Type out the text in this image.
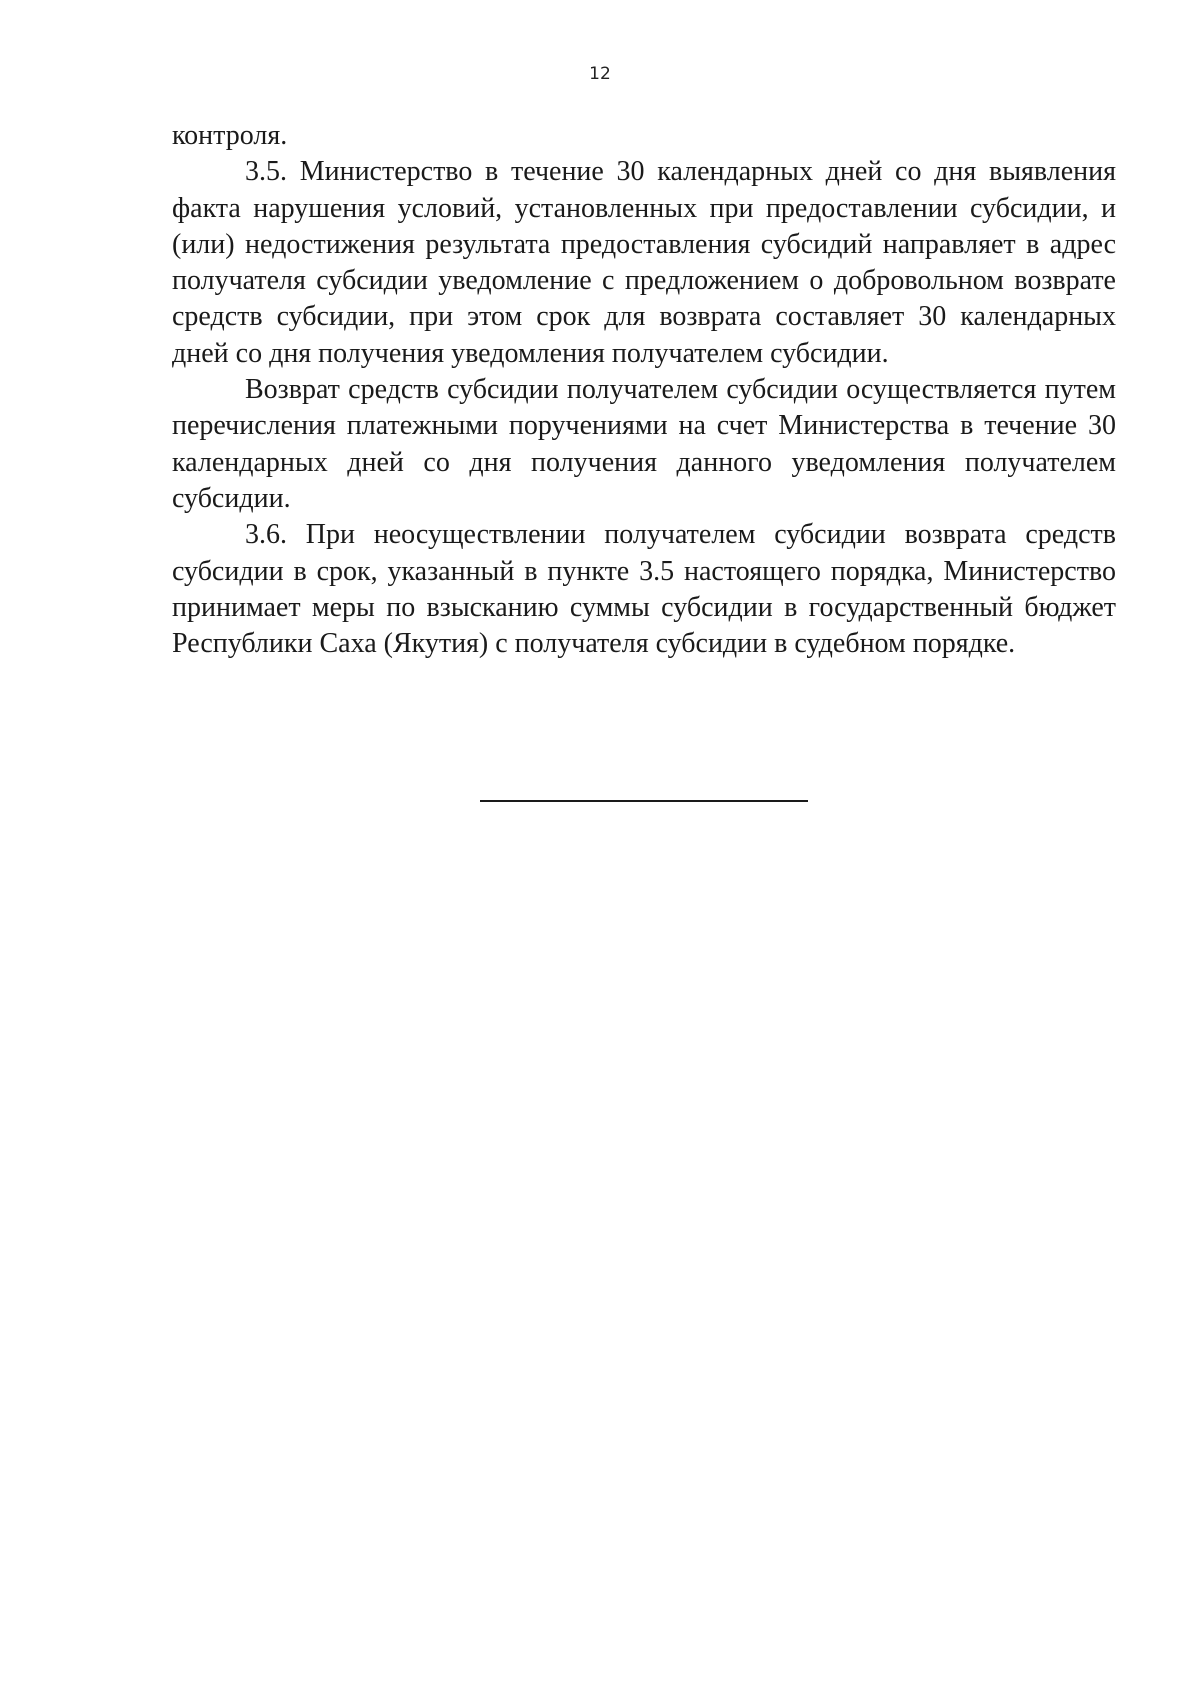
12

контроля.

3.5. Министерство в течение 30 календарных дней со дня выявления факта нарушения условий, установленных при предоставлении субсидии, и (или) недостижения результата предоставления субсидий направляет в адрес получателя субсидии уведомление с предложением о добровольном возврате средств субсидии, при этом срок для возврата составляет 30 календарных дней со дня получения уведомления получателем субсидии.

Возврат средств субсидии получателем субсидии осуществляется путем перечисления платежными поручениями на счет Министерства в течение 30 календарных дней со дня получения данного уведомления получателем субсидии.

3.6. При неосуществлении получателем субсидии возврата средств субсидии в срок, указанный в пункте 3.5 настоящего порядка, Министерство принимает меры по взысканию суммы субсидии в государственный бюджет Республики Саха (Якутия) с получателя субсидии в судебном порядке.
